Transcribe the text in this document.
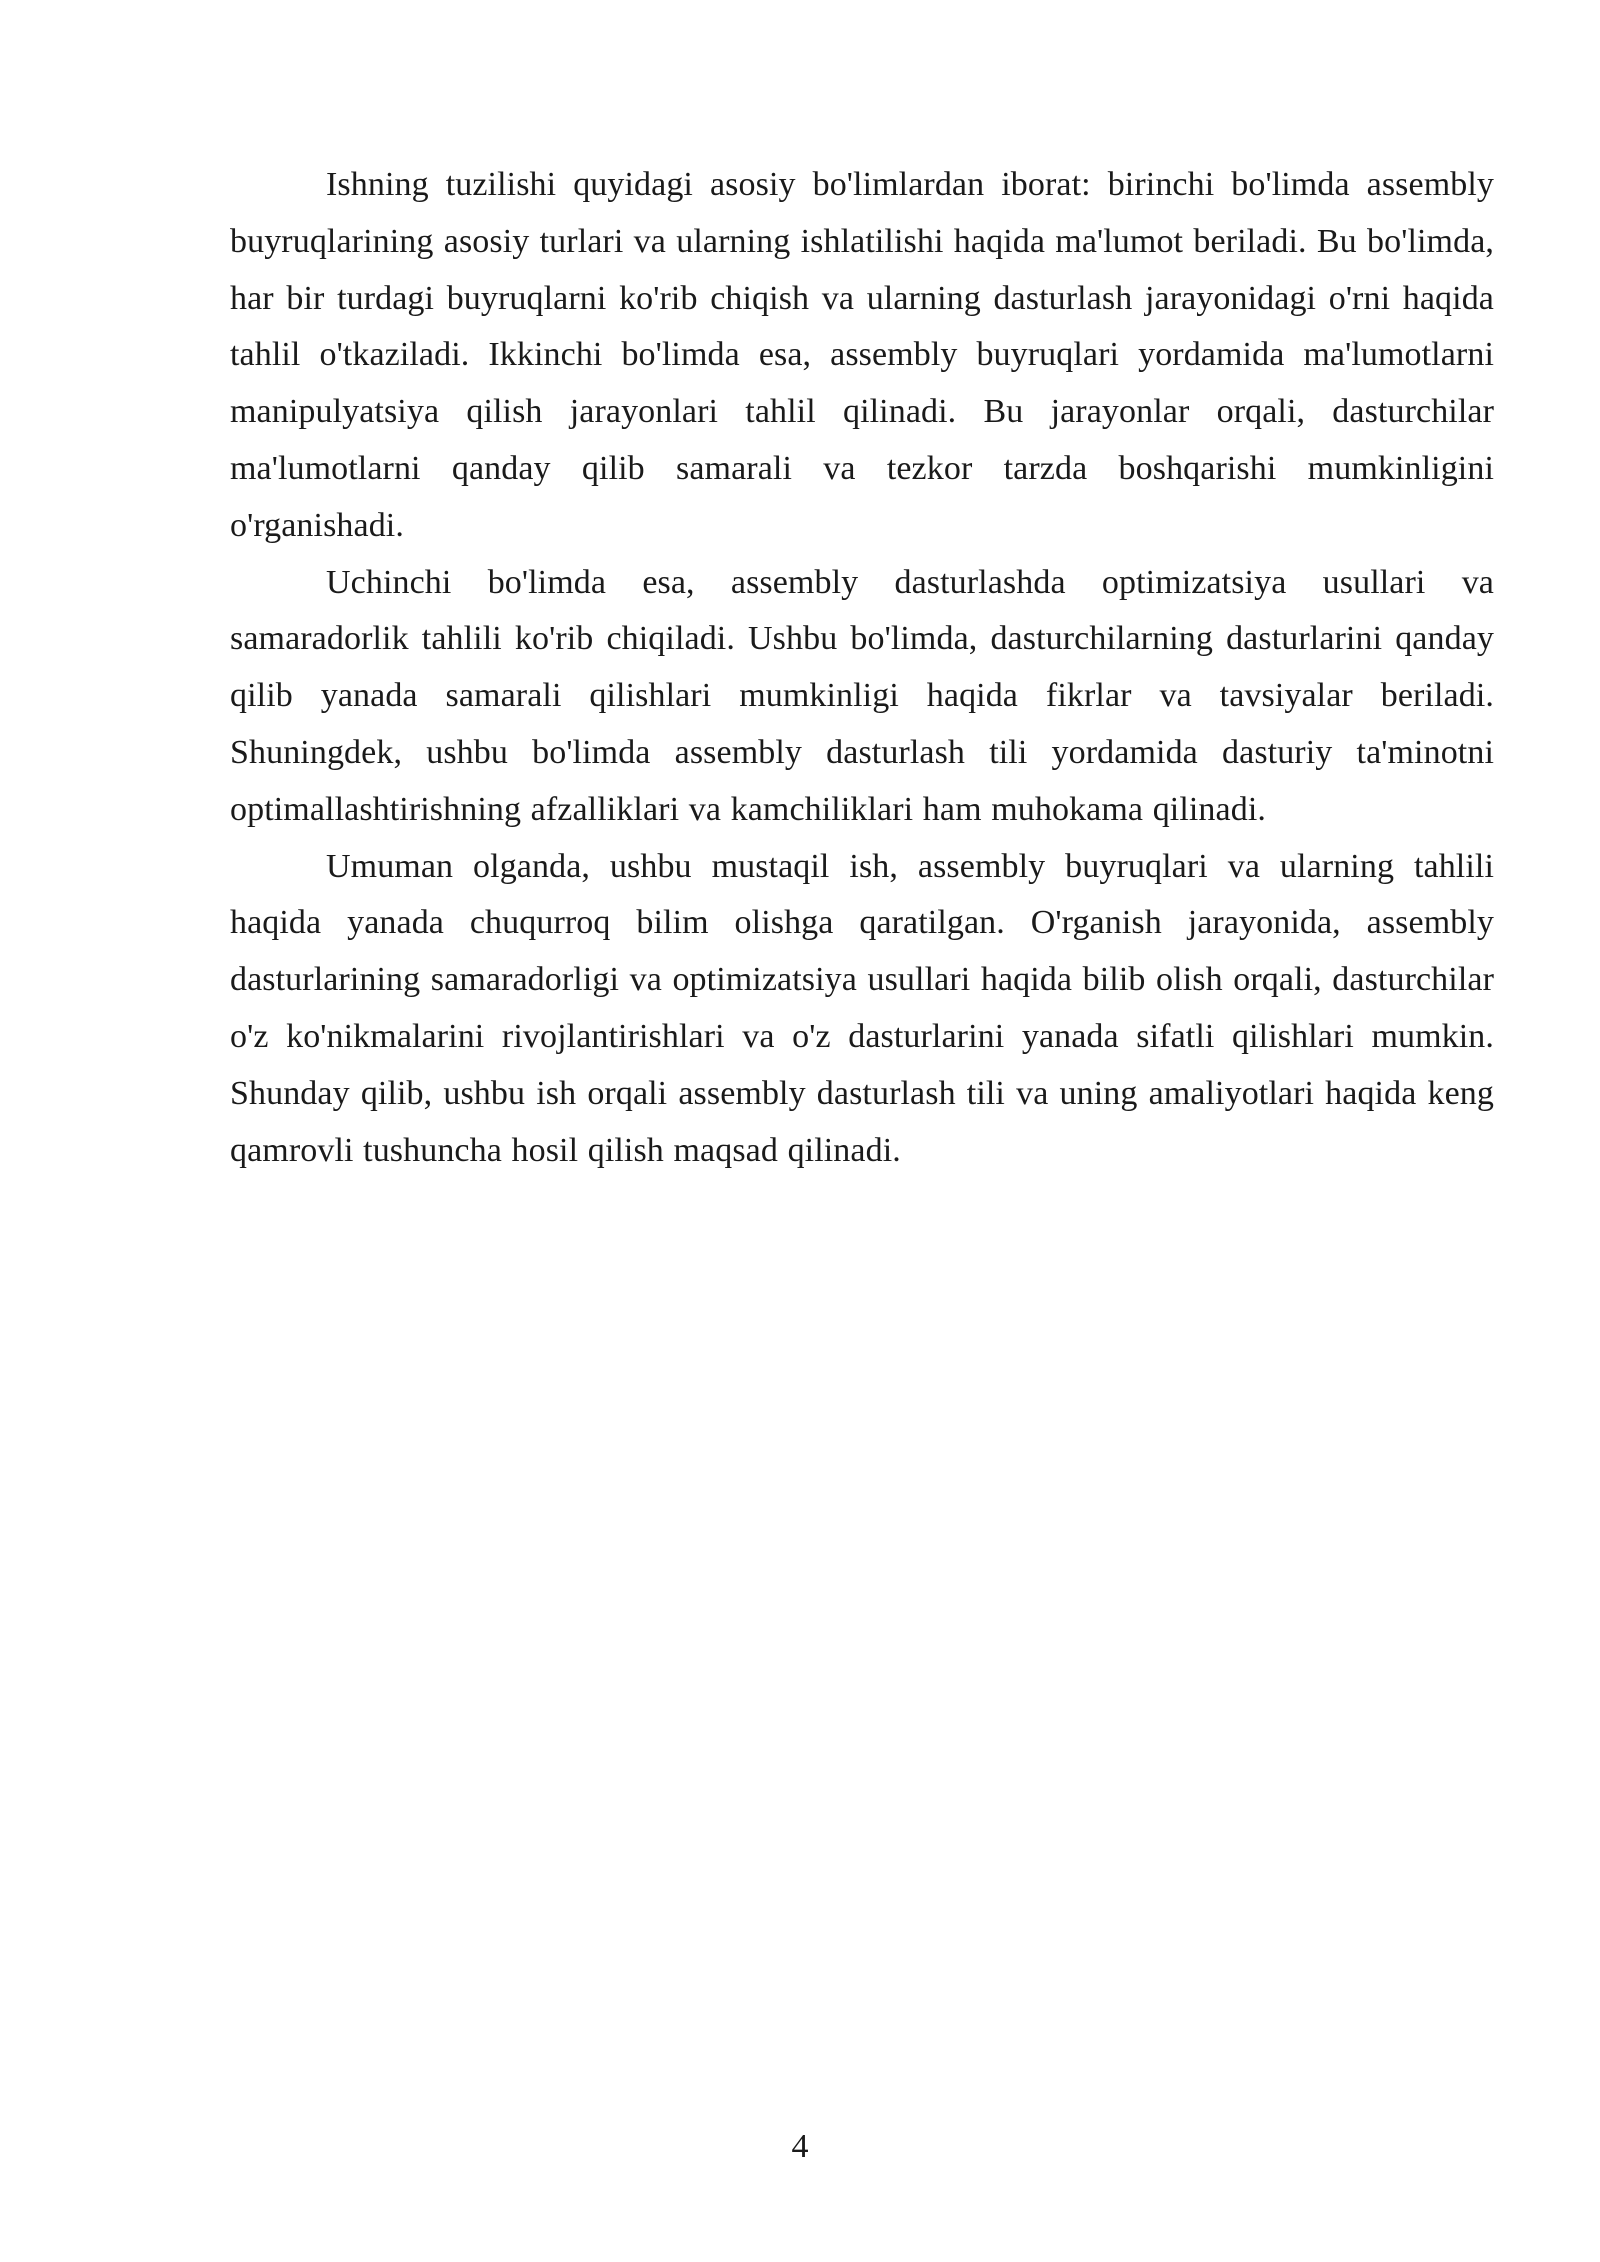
Ishning tuzilishi quyidagi asosiy bo'limlardan iborat: birinchi bo'limda assembly buyruqlarining asosiy turlari va ularning ishlatilishi haqida ma'lumot beriladi. Bu bo'limda, har bir turdagi buyruqlarni ko'rib chiqish va ularning dasturlash jarayonidagi o'rni haqida tahlil o'tkaziladi. Ikkinchi bo'limda esa, assembly buyruqlari yordamida ma'lumotlarni manipulyatsiya qilish jarayonlari tahlil qilinadi. Bu jarayonlar orqali, dasturchilar ma'lumotlarni qanday qilib samarali va tezkor tarzda boshqarishi mumkinligini o'rganishadi.

Uchinchi bo'limda esa, assembly dasturlashda optimizatsiya usullari va samaradorlik tahlili ko'rib chiqiladi. Ushbu bo'limda, dasturchilarning dasturlarini qanday qilib yanada samarali qilishlari mumkinligi haqida fikrlar va tavsiyalar beriladi. Shuningdek, ushbu bo'limda assembly dasturlash tili yordamida dasturiy ta'minotni optimallashtirishning afzalliklari va kamchiliklari ham muhokama qilinadi.

Umuman olganda, ushbu mustaqil ish, assembly buyruqlari va ularning tahlili haqida yanada chuqurroq bilim olishga qaratilgan. O'rganish jarayonida, assembly dasturlarining samaradorligi va optimizatsiya usullari haqida bilib olish orqali, dasturchilar o'z ko'nikmalarini rivojlantirishlari va o'z dasturlarini yanada sifatli qilishlari mumkin. Shunday qilib, ushbu ish orqali assembly dasturlash tili va uning amaliyotlari haqida keng qamrovli tushuncha hosil qilish maqsad qilinadi.

4
